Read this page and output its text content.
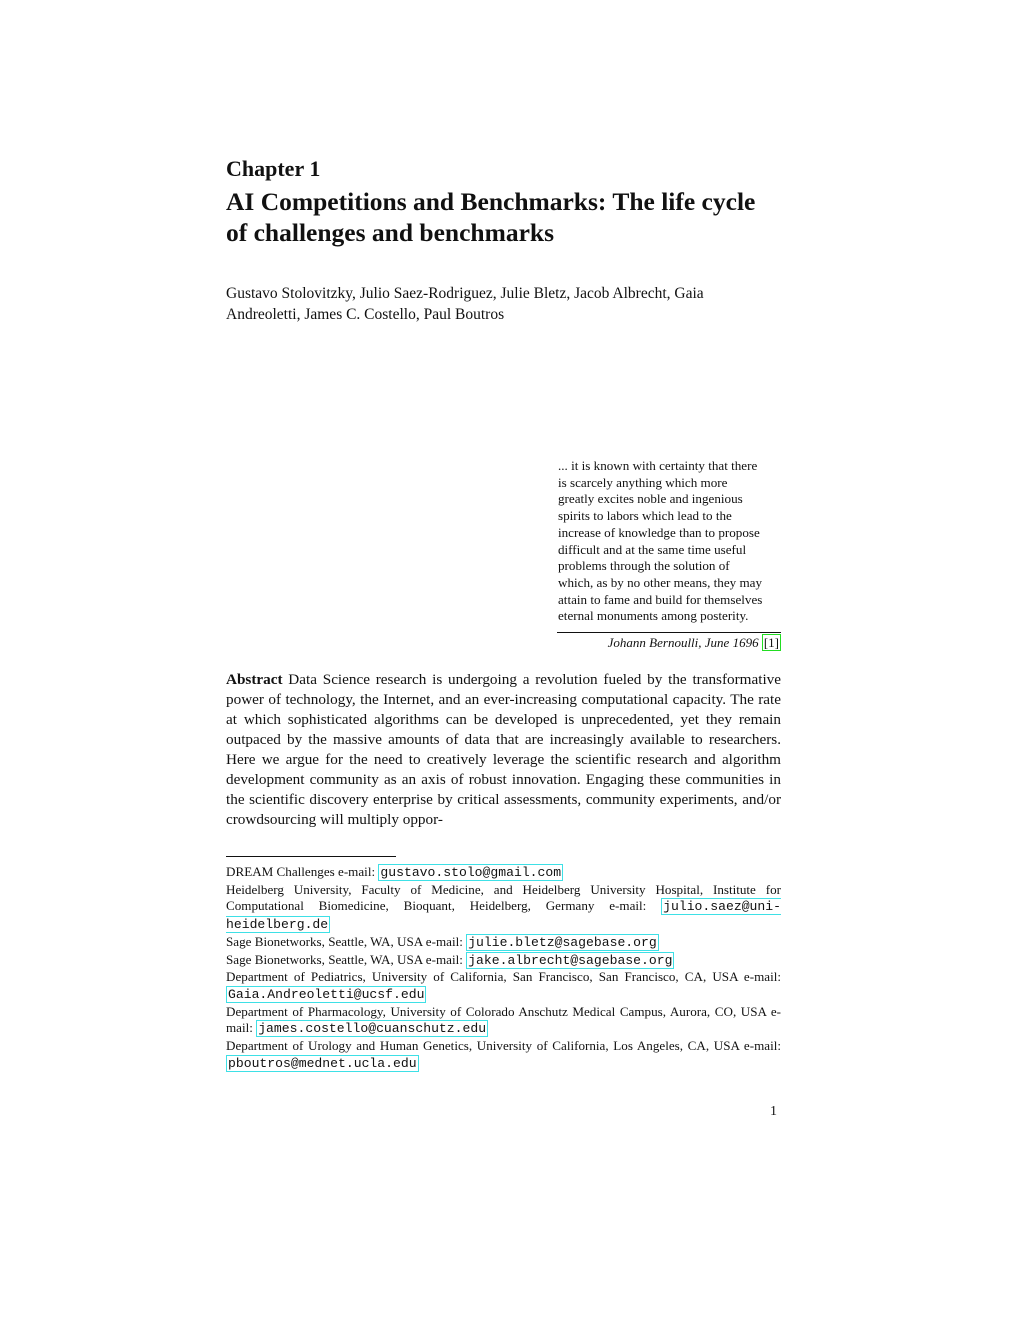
Chapter 1
AI Competitions and Benchmarks: The life cycle
of challenges and benchmarks
Gustavo Stolovitzky, Julio Saez-Rodriguez, Julie Bletz, Jacob Albrecht, Gaia
Andreoletti, James C. Costello, Paul Boutros
... it is known with certainty that there
is scarcely anything which more
greatly excites noble and ingenious
spirits to labors which lead to the
increase of knowledge than to propose
difficult and at the same time useful
problems through the solution of
which, as by no other means, they may
attain to fame and build for themselves
eternal monuments among posterity.
Johann Bernoulli, June 1696 [1]
Abstract Data Science research is undergoing a revolution fueled by the transformative power of technology, the Internet, and an ever-increasing computational capacity. The rate at which sophisticated algorithms can be developed is unprecedented, yet they remain outpaced by the massive amounts of data that are increasingly available to researchers. Here we argue for the need to creatively leverage the scientific research and algorithm development community as an axis of robust innovation. Engaging these communities in the scientific discovery enterprise by critical assessments, community experiments, and/or crowdsourcing will multiply oppor-

DREAM Challenges e-mail: gustavo.stolo@gmail.com

Heidelberg University, Faculty of Medicine, and Heidelberg University Hospital, Institute for Computational Biomedicine, Bioquant, Heidelberg, Germany e-mail: julio.saez@uni-heidelberg.de

Sage Bionetworks, Seattle, WA, USA e-mail: julie.bletz@sagebase.org

Sage Bionetworks, Seattle, WA, USA e-mail: jake.albrecht@sagebase.org

Department of Pediatrics, University of California, San Francisco, San Francisco, CA, USA e-mail: Gaia.Andreoletti@ucsf.edu

Department of Pharmacology, University of Colorado Anschutz Medical Campus, Aurora, CO, USA e-mail: james.costello@cuanschutz.edu

Department of Urology and Human Genetics, University of California, Los Angeles, CA, USA e-mail: pboutros@mednet.ucla.edu

1
